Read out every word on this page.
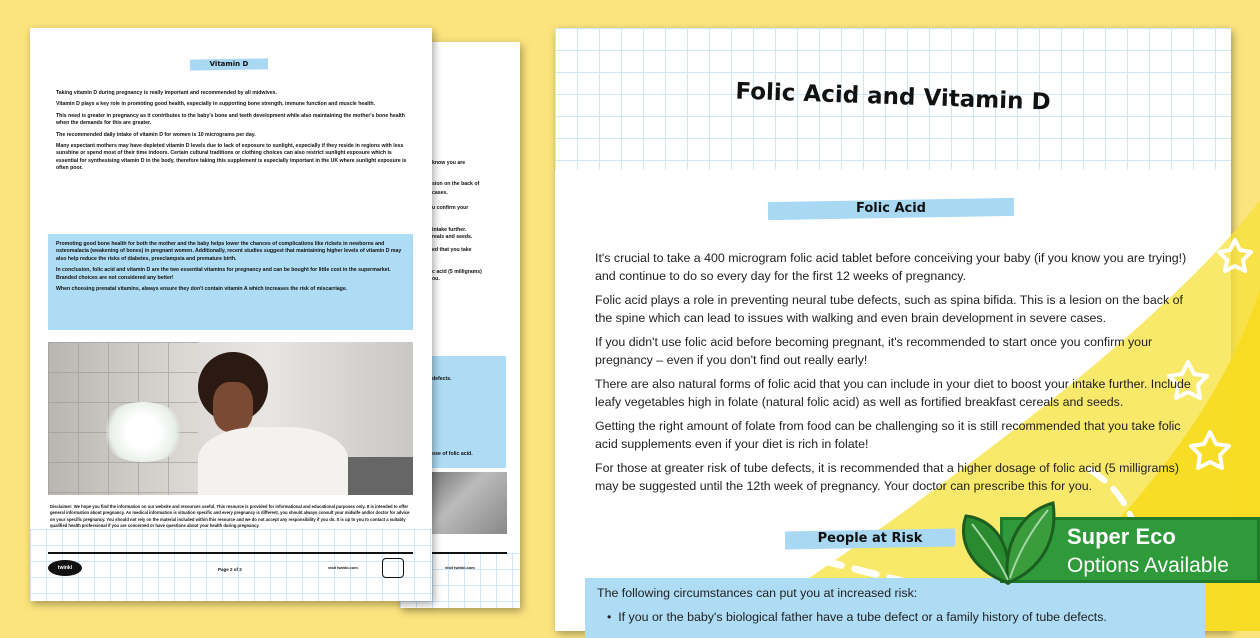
know you are

sion on the back of

cases.

u confirm your

intake further.

reals and seeds.

ed that you take

c acid (5 milligrams)

ou.

defects.
ose of folic acid.
visit twinkl.com
Vitamin D

Taking vitamin D during pregnancy is really important and recommended by all midwives.

Vitamin D plays a key role in promoting good health, especially in supporting bone strength, immune function and muscle health.

This need is greater in pregnancy as it contributes to the baby's bone and teeth development while also maintaining the mother's bone health when the demands for this are greater.

The recommended daily intake of vitamin D for women is 10 micrograms per day.

Many expectant mothers may have depleted vitamin D levels due to lack of exposure to sunlight, especially if they reside in regions with less sunshine or spend most of their time indoors. Certain cultural traditions or clothing choices can also restrict sunlight exposure which is essential for synthesising vitamin D in the body, therefore taking this supplement is especially important in the UK where sunlight exposure is often poor.

Promoting good bone health for both the mother and the baby helps lower the chances of complications like rickets in newborns and osteomalacia (weakening of bones) in pregnant women. Additionally, recent studies suggest that maintaining higher levels of vitamin D may also help reduce the risks of diabetes, preeclampsia and premature birth.

In conclusion, folic acid and vitamin D are the two essential vitamins for pregnancy and can be bought for little cost in the supermarket. Branded choices are not considered any better!

When choosing prenatal vitamins, always ensure they don't contain vitamin A which increases the risk of miscarriage.

Disclaimer: We hope you find the information on our website and resources useful. This resource is provided for informational and educational purposes only. It is intended to offer general information about pregnancy. As medical information is situation specific and every pregnancy is different, you should always consult your midwife and/or doctor for advice on your specific pregnancy. You should not rely on the material included within this resource and we do not accept any responsibility if you do. It is up to you to contact a suitably qualified health professional if you are concerned or have questions about your health during pregnancy.
twinkl	Page 2 of 2	visit twinkl.com
Folic Acid and Vitamin D
Folic Acid

It's crucial to take a 400 microgram folic acid tablet before conceiving your baby (if you know you are trying!) and continue to do so every day for the first 12 weeks of pregnancy.

Folic acid plays a role in preventing neural tube defects, such as spina bifida. This is a lesion on the back of the spine which can lead to issues with walking and even brain development in severe cases.

If you didn't use folic acid before becoming pregnant, it's recommended to start once you confirm your pregnancy – even if you don't find out really early!

There are also natural forms of folic acid that you can include in your diet to boost your intake further. Include leafy vegetables high in folate (natural folic acid) as well as fortified breakfast cereals and seeds.

Getting the right amount of folate from food can be challenging so it is still recommended that you take folic acid supplements even if your diet is rich in folate!

For those at greater risk of tube defects, it is recommended that a higher dosage of folic acid (5 milligrams) may be suggested until the 12th week of pregnancy. Your doctor can prescribe this for you.

People at Risk
The following circumstances can put you at increased risk:
•  If you or the baby's biological father have a tube defect or a family history of tube defects.
Super Eco
Options Available
